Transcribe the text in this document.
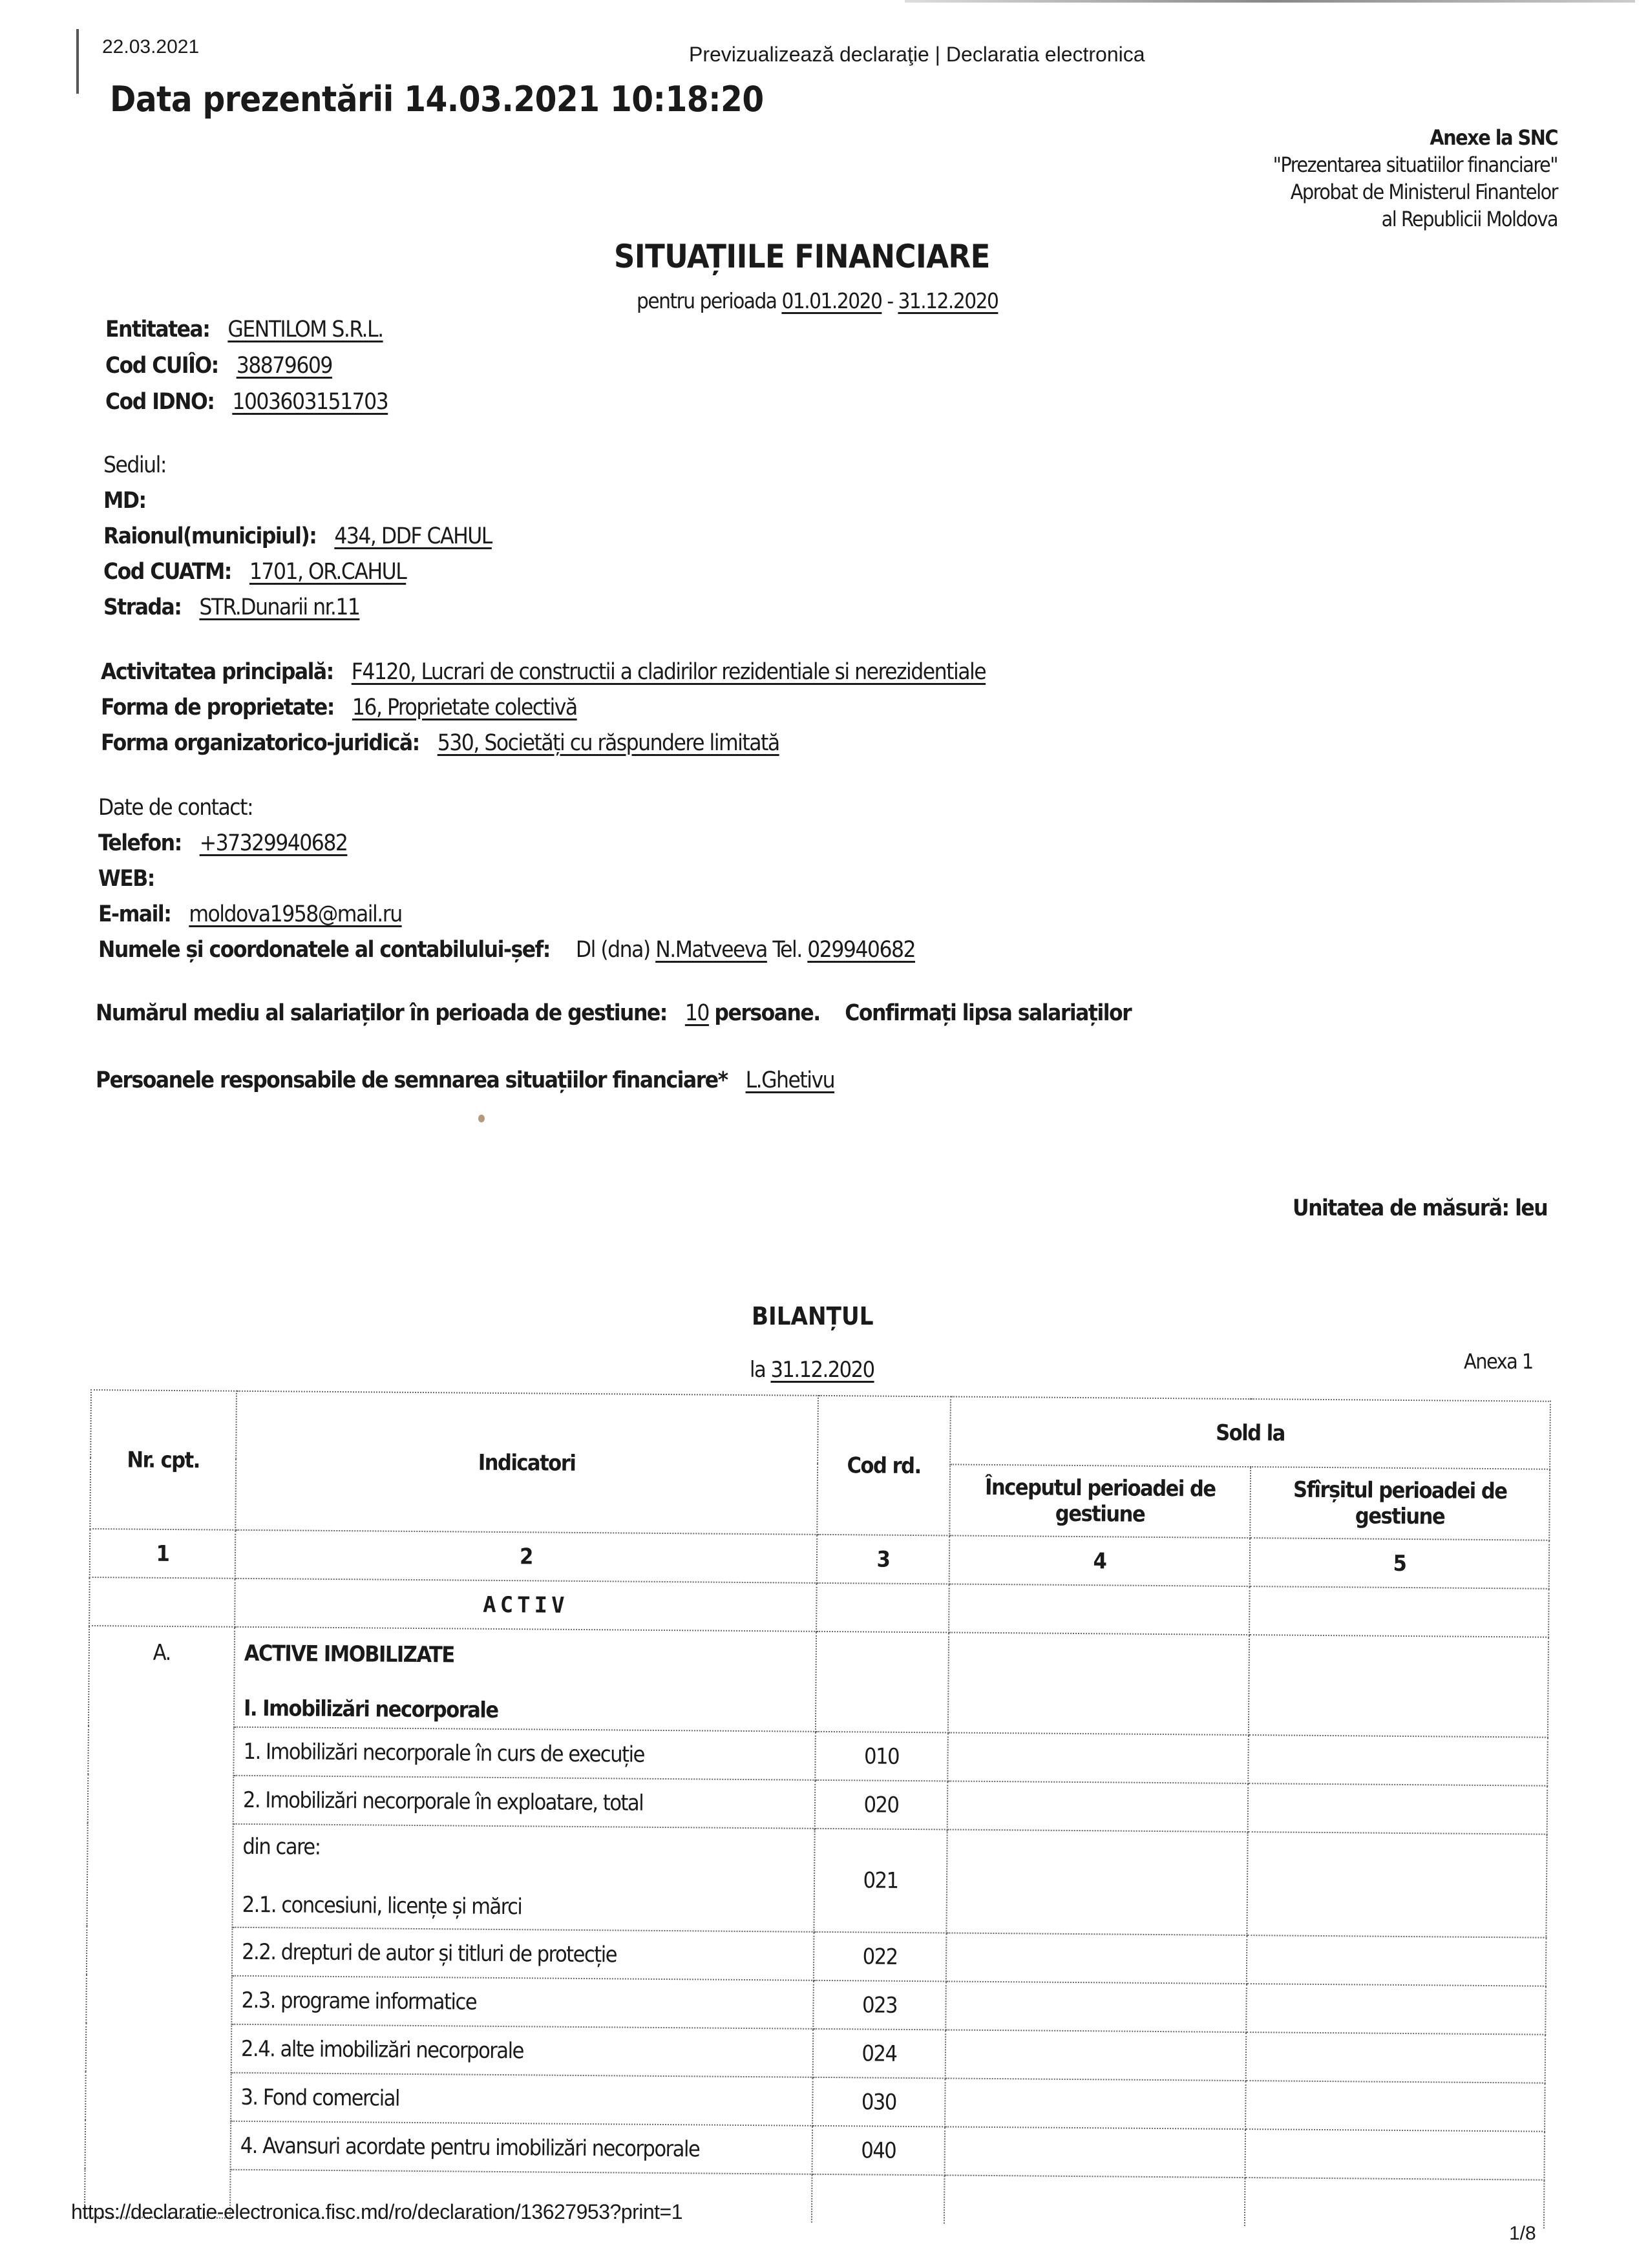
22.03.2021	Previzualizează declaraţie | Declaratia electronica
Data prezentării 14.03.2021 10:18:20
Anexe la SNC
"Prezentarea situatiilor financiare"
Aprobat de Ministerul Finantelor
al Republicii Moldova
SITUAȚIILE FINANCIARE
pentru perioada 01.01.2020 - 31.12.2020
Entitatea: GENTILOM S.R.L.
Cod CUIÎO: 38879609
Cod IDNO: 1003603151703
Sediul:
MD:
Raionul(municipiul): 434, DDF CAHUL
Cod CUATM: 1701, OR.CAHUL
Strada: STR.Dunarii nr.11
Activitatea principală: F4120, Lucrari de constructii a cladirilor rezidentiale si nerezidentiale
Forma de proprietate: 16, Proprietate colectivă
Forma organizatorico-juridică: 530, Societăți cu răspundere limitată
Date de contact:
Telefon: +37329940682
WEB:
E-mail: moldova1958@mail.ru
Numele și coordonatele al contabilului-șef: Dl (dna) N.Matveeva Tel. 029940682
Numărul mediu al salariaților în perioada de gestiune: 10 persoane. Confirmați lipsa salariaților
Persoanele responsabile de semnarea situațiilor financiare* L.Ghetivu
Unitatea de măsură: leu
BILANȚUL
la 31.12.2020	Anexa 1
Nr. cpt.	Indicatori	Cod rd.	Sold la	
			Începutul perioadei de gestiune	Sfîrșitul perioadei de gestiune
1	2	3	4	5
	ACTIV			
A.	ACTIVE IMOBILIZATE
I. Imobilizări necorporale			

	1. Imobilizări necorporale în curs de execuție	010		
	2. Imobilizări necorporale în exploatare, total	020		

	din care:
2.1. concesiuni, licențe și mărci	021		
	2.2. drepturi de autor și titluri de protecție	022		
	2.3. programe informatice	023		
	2.4. alte imobilizări necorporale	024		
	3. Fond comercial	030		
	4. Avansuri acordate pentru imobilizări necorporale	040		

https://declaratie-electronica.fisc.md/ro/declaration/13627953?print=1
1/8
